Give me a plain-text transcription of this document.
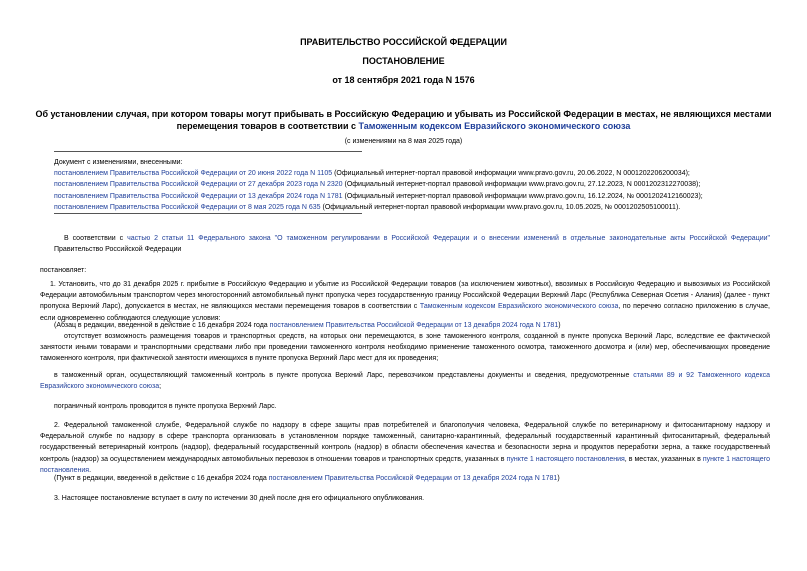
ПРАВИТЕЛЬСТВО РОССИЙСКОЙ ФЕДЕРАЦИИ
ПОСТАНОВЛЕНИЕ
от 18 сентября 2021 года N 1576
Об установлении случая, при котором товары могут прибывать в Российскую Федерацию и убывать из Российской Федерации в местах, не являющихся местами перемещения товаров в соответствии с Таможенным кодексом Евразийского экономического союза
(с изменениями на 8 мая 2025 года)
Документ с изменениями, внесенными:
постановлением Правительства Российской Федерации от 20 июня 2022 года N 1105 (Официальный интернет-портал правовой информации www.pravo.gov.ru, 20.06.2022, N 0001202206200034);
постановлением Правительства Российской Федерации от 27 декабря 2023 года N 2320 (Официальный интернет-портал правовой информации www.pravo.gov.ru, 27.12.2023, N 0001202312270038);
постановлением Правительства Российской Федерации от 13 декабря 2024 года N 1781 (Официальный интернет-портал правовой информации www.pravo.gov.ru, 16.12.2024, № 0001202412160023);
постановлением Правительства Российской Федерации от 8 мая 2025 года N 635 (Официальный интернет-портал правовой информации www.pravo.gov.ru, 10.05.2025, № 0001202505100011).
В соответствии с частью 2 статьи 11 Федерального закона "О таможенном регулировании в Российской Федерации и о внесении изменений в отдельные законодательные акты Российской Федерации" Правительство Российской Федерации
постановляет:
1. Установить, что до 31 декабря 2025 г. прибытие в Российскую Федерацию и убытие из Российской Федерации товаров (за исключением животных), ввозимых в Российскую Федерацию и вывозимых из Российской Федерации автомобильным транспортом через многосторонний автомобильный пункт пропуска через государственную границу Российской Федерации Верхний Ларс (Республика Северная Осетия - Алания) (далее - пункт пропуска Верхний Ларс), допускается в местах, не являющихся местами перемещения товаров в соответствии с Таможенным кодексом Евразийского экономического союза, по перечню согласно приложению в случае, если одновременно соблюдаются следующие условия:
(Абзац в редакции, введенной в действие с 16 декабря 2024 года постановлением Правительства Российской Федерации от 13 декабря 2024 года N 1781)
отсутствует возможность размещения товаров и транспортных средств, на которых они перемещаются, в зоне таможенного контроля, созданной в пункте пропуска Верхний Ларс, вследствие ее фактической занятости иными товарами и транспортными средствами либо при проведении таможенного контроля необходимо применение таможенного осмотра, таможенного досмотра и (или) мер, обеспечивающих проведение таможенного контроля, при фактической занятости имеющихся в пункте пропуска Верхний Ларс мест для их проведения;
в таможенный орган, осуществляющий таможенный контроль в пункте пропуска Верхний Ларс, перевозчиком представлены документы и сведения, предусмотренные статьями 89 и 92 Таможенного кодекса Евразийского экономического союза;
пограничный контроль проводится в пункте пропуска Верхний Ларс.
2. Федеральной таможенной службе, Федеральной службе по надзору в сфере защиты прав потребителей и благополучия человека, Федеральной службе по ветеринарному и фитосанитарному надзору и Федеральной службе по надзору в сфере транспорта организовать в установленном порядке таможенный, санитарно-карантинный, федеральный государственный карантинный фитосанитарный, федеральный государственный ветеринарный контроль (надзор), федеральный государственный контроль (надзор) в области обеспечения качества и безопасности зерна и продуктов переработки зерна, а также государственный контроль (надзор) за осуществлением международных автомобильных перевозок в отношении товаров и транспортных средств, указанных в пункте 1 настоящего постановления, в местах, указанных в пункте 1 настоящего постановления.
(Пункт в редакции, введенной в действие с 16 декабря 2024 года постановлением Правительства Российской Федерации от 13 декабря 2024 года N 1781)
3. Настоящее постановление вступает в силу по истечении 30 дней после дня его официального опубликования.
